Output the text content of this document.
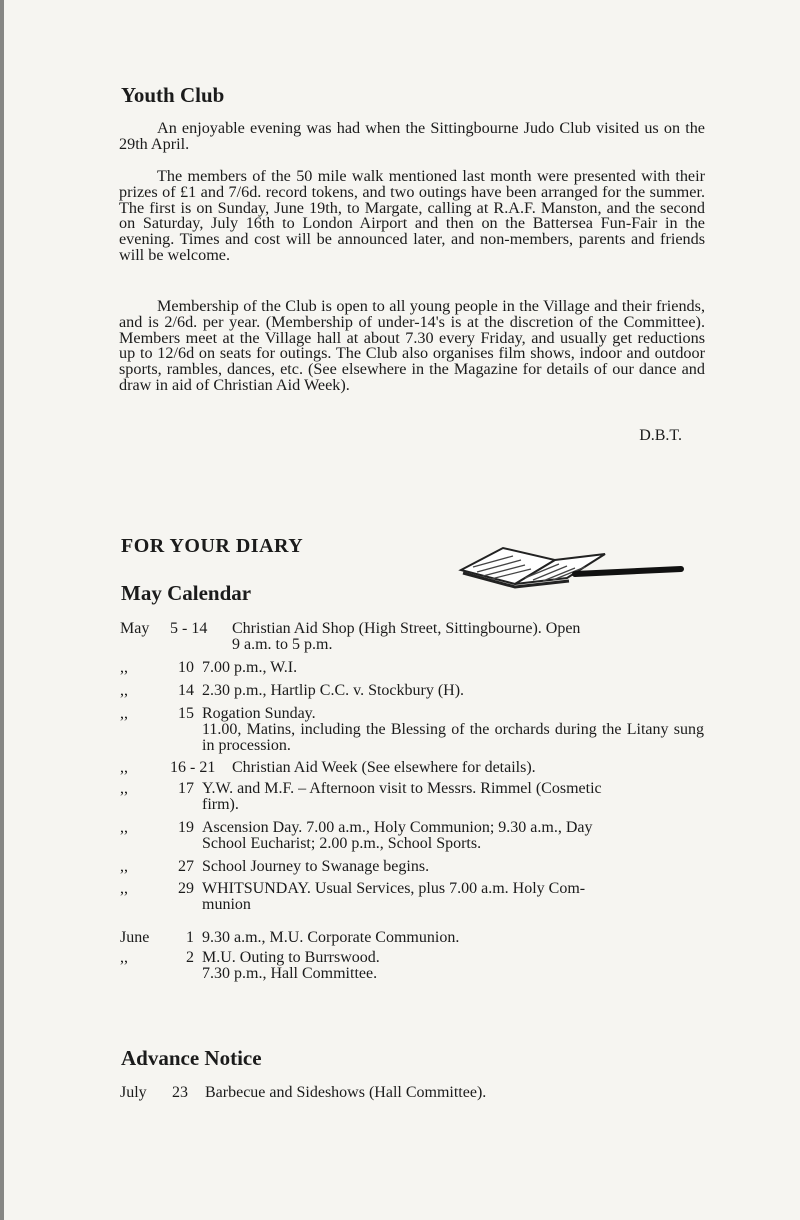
Youth Club

An enjoyable evening was had when the Sittingbourne Judo Club visited us on the 29th April.

The members of the 50 mile walk mentioned last month were presented with their prizes of £1 and 7/6d. record tokens, and two outings have been arranged for the summer. The first is on Sunday, June 19th, to Margate, calling at R.A.F. Manston, and the second on Saturday, July 16th to London Airport and then on the Battersea Fun-Fair in the evening. Times and cost will be announced later, and non-members, parents and friends will be welcome.

Membership of the Club is open to all young people in the Village and their friends, and is 2/6d. per year. (Membership of under-14's is at the discretion of the Committee). Members meet at the Village hall at about 7.30 every Friday, and usually get reductions up to 12/6d on seats for outings. The Club also organises film shows, indoor and outdoor sports, rambles, dances, etc. (See elsewhere in the Magazine for details of our dance and draw in aid of Christian Aid Week).

D.B.T.

FOR YOUR DIARY

May Calendar
May 5 - 14	Christian Aid Shop (High Street, Sittingbourne). Open
9 a.m. to 5 p.m.
,,	10 7.00 p.m., W.I.
,,	14 2.30 p.m., Hartlip C.C. v. Stockbury (H).
,,	15 Rogation Sunday.
11.00, Matins, including the Blessing of the orchards during the Litany sung in procession.
,,	16 - 21	Christian Aid Week (See elsewhere for details).
,,	17 Y.W. and M.F. – Afternoon visit to Messrs. Rimmel (Cosmetic
firm).
,,	19 Ascension Day. 7.00 a.m., Holy Communion; 9.30 a.m., Day
School Eucharist; 2.00 p.m., School Sports.
,,	27 School Journey to Swanage begins.
,,	29 WHITSUNDAY. Usual Services, plus 7.00 a.m. Holy Com-
munion
June	1 9.30 a.m., M.U. Corporate Communion.
,,	2 M.U. Outing to Burrswood.
7.30 p.m., Hall Committee.
Advance Notice
July	23 Barbecue and Sideshows (Hall Committee).
